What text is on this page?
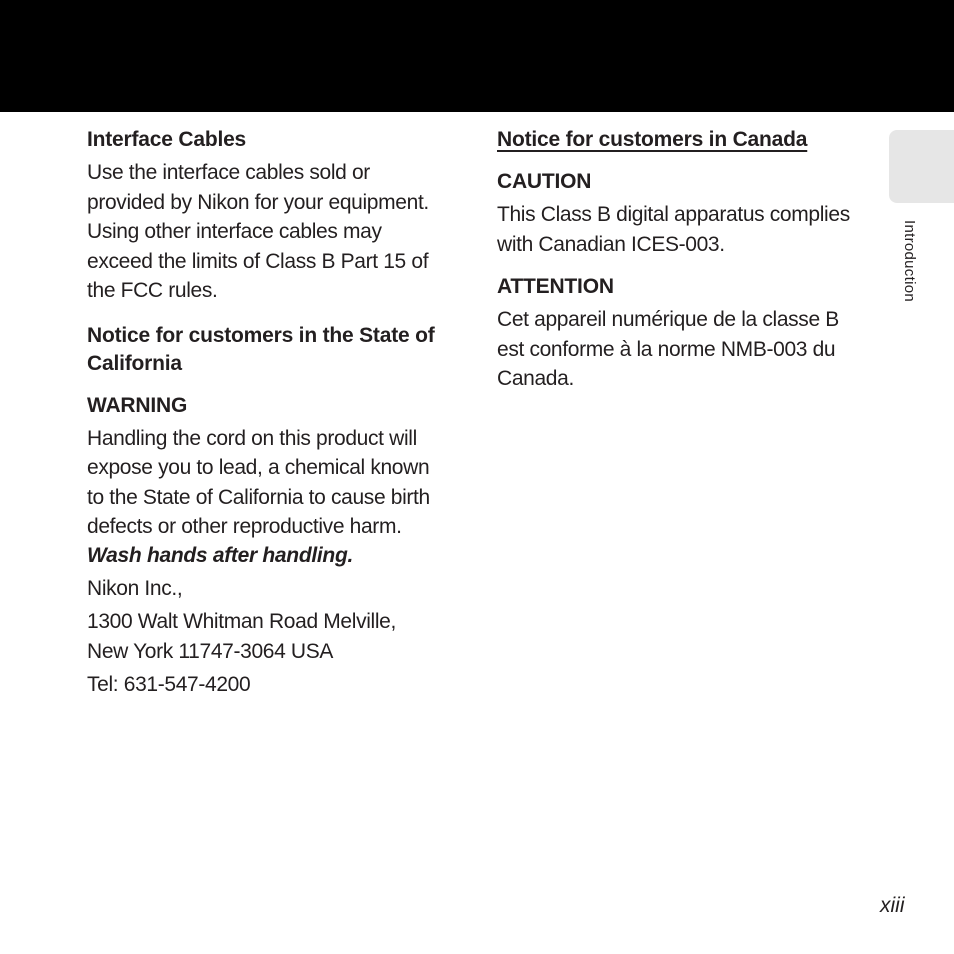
Introduction

Interface Cables

Use the interface cables sold or
provided by Nikon for your equipment.
Using other interface cables may
exceed the limits of Class B Part 15 of
the FCC rules.

Notice for customers in the State of
California

WARNING

Handling the cord on this product will
expose you to lead, a chemical known
to the State of California to cause birth
defects or other reproductive harm.

Wash hands after handling.

Nikon Inc.,

1300 Walt Whitman Road Melville,
New York 11747-3064 USA

Tel: 631-547-4200

Notice for customers in Canada

CAUTION

This Class B digital apparatus complies
with Canadian ICES-003.

ATTENTION

Cet appareil numérique de la classe B
est conforme à la norme NMB-003 du
Canada.

xiii
